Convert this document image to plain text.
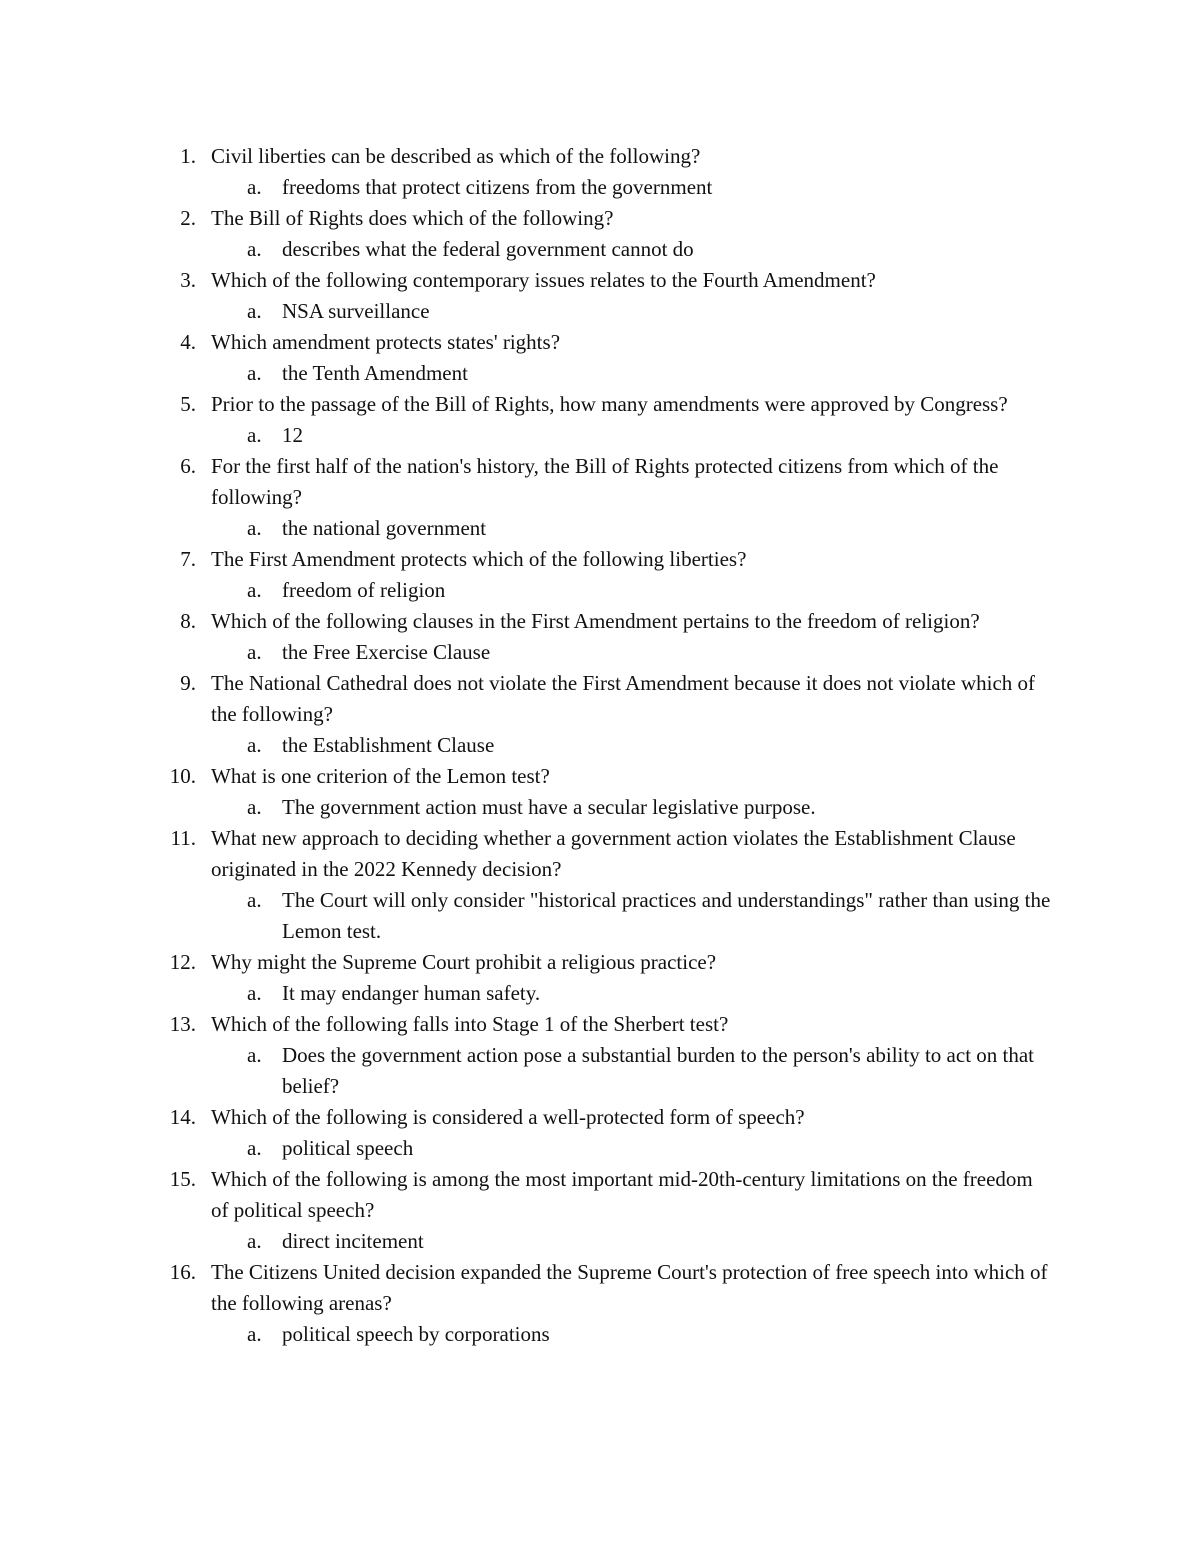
1. Civil liberties can be described as which of the following?
a. freedoms that protect citizens from the government
2. The Bill of Rights does which of the following?
a. describes what the federal government cannot do
3. Which of the following contemporary issues relates to the Fourth Amendment?
a. NSA surveillance
4. Which amendment protects states' rights?
a. the Tenth Amendment
5. Prior to the passage of the Bill of Rights, how many amendments were approved by Congress?
a. 12
6. For the first half of the nation's history, the Bill of Rights protected citizens from which of the following?
a. the national government
7. The First Amendment protects which of the following liberties?
a. freedom of religion
8. Which of the following clauses in the First Amendment pertains to the freedom of religion?
a. the Free Exercise Clause
9. The National Cathedral does not violate the First Amendment because it does not violate which of the following?
a. the Establishment Clause
10. What is one criterion of the Lemon test?
a. The government action must have a secular legislative purpose.
11. What new approach to deciding whether a government action violates the Establishment Clause originated in the 2022 Kennedy decision?
a. The Court will only consider "historical practices and understandings" rather than using the Lemon test.
12. Why might the Supreme Court prohibit a religious practice?
a. It may endanger human safety.
13. Which of the following falls into Stage 1 of the Sherbert test?
a. Does the government action pose a substantial burden to the person's ability to act on that belief?
14. Which of the following is considered a well-protected form of speech?
a. political speech
15. Which of the following is among the most important mid-20th-century limitations on the freedom of political speech?
a. direct incitement
16. The Citizens United decision expanded the Supreme Court's protection of free speech into which of the following arenas?
a. political speech by corporations
